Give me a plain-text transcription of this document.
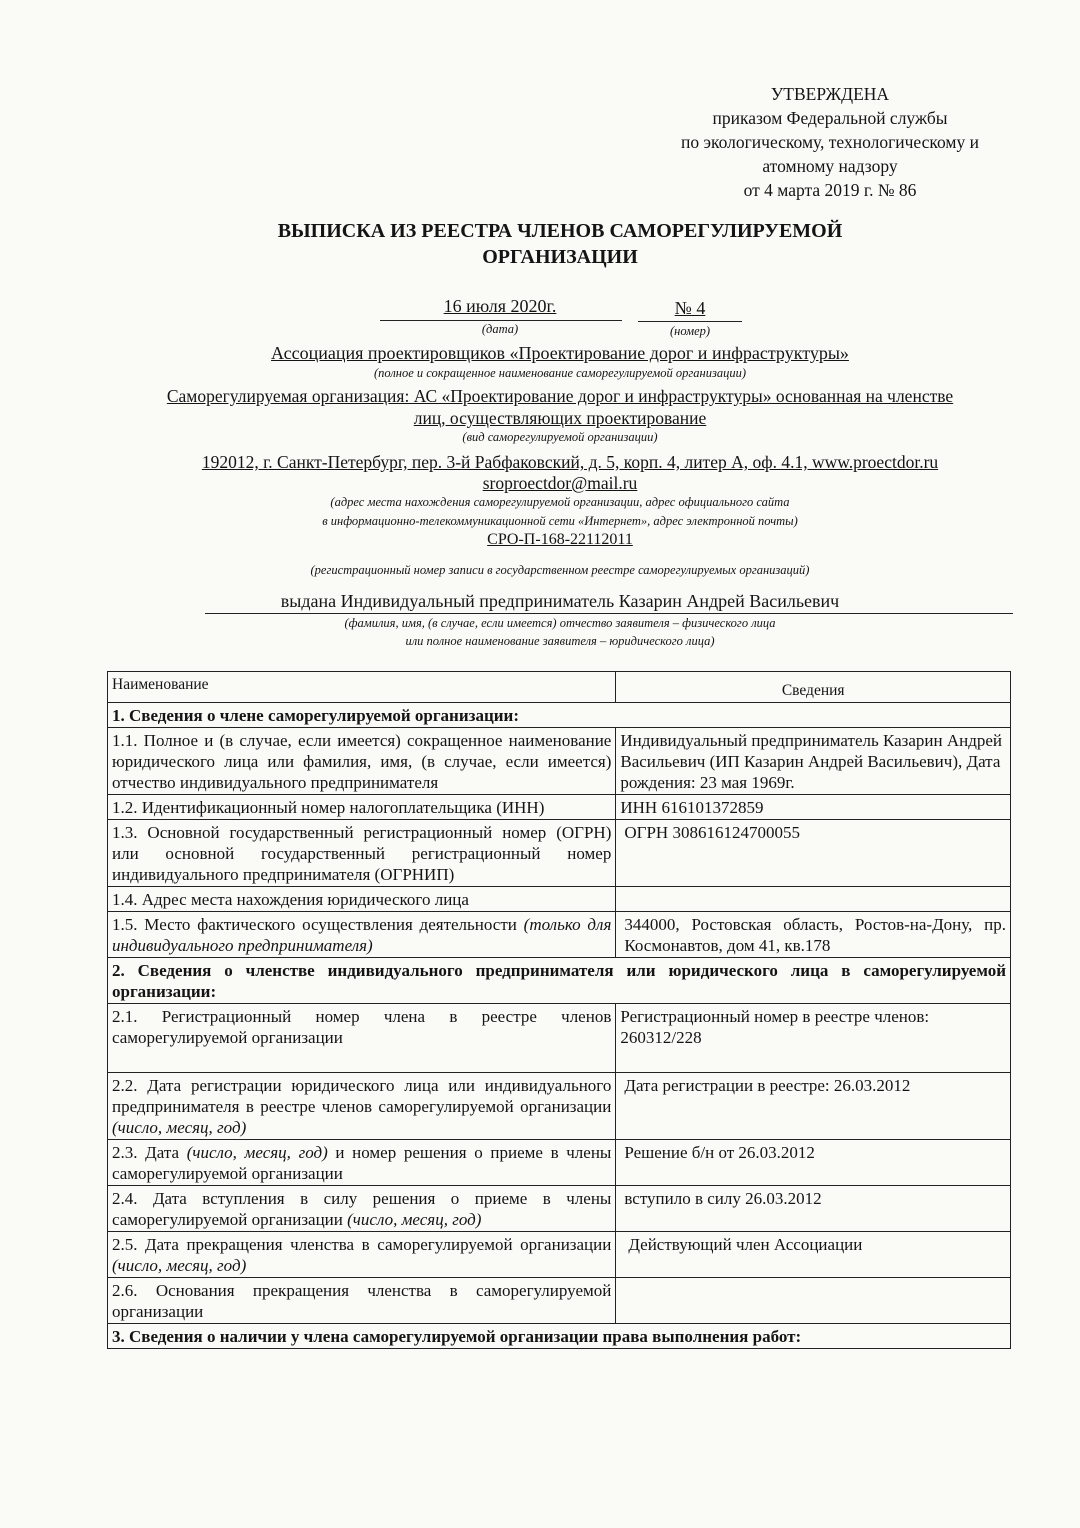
УТВЕРЖДЕНА
приказом Федеральной службы
по экологическому, технологическому и
атомному надзору
от 4 марта 2019 г. № 86
ВЫПИСКА ИЗ РЕЕСТРА ЧЛЕНОВ САМОРЕГУЛИРУЕМОЙ
ОРГАНИЗАЦИИ
16 июля 2020г.
(дата)
№ 4
(номер)
Ассоциация проектировщиков «Проектирование дорог и инфраструктуры»
(полное и сокращенное наименование саморегулируемой организации)
Саморегулируемая организация: АС «Проектирование дорог и инфраструктуры» основанная на членстве
лиц, осуществляющих проектирование
(вид саморегулируемой организации)
192012, г. Санкт-Петербург, пер. 3-й Рабфаковский, д. 5, корп. 4, литер А, оф. 4.1, www.proectdor.ru
sroproectdor@mail.ru
(адрес места нахождения саморегулируемой организации, адрес официального сайта
в информационно-телекоммуникационной сети «Интернет», адрес электронной почты)
СРО-П-168-22112011
(регистрационный номер записи в государственном реестре саморегулируемых организаций)
выдана Индивидуальный предприниматель Казарин Андрей Васильевич
(фамилия, имя, (в случае, если имеется) отчество заявителя – физического лица
или полное наименование заявителя – юридического лица)
Наименование	Сведения
1. Сведения о члене саморегулируемой организации:	
1.1. Полное и (в случае, если имеется) сокращенное наименование юридического лица или фамилия, имя, (в случае, если имеется) отчество индивидуального предпринимателя	Индивидуальный предприниматель Казарин Андрей Васильевич (ИП Казарин Андрей Васильевич), Дата рождения: 23 мая 1969г.
1.2. Идентификационный номер налогоплательщика (ИНН)	ИНН 616101372859
1.3. Основной государственный регистрационный номер (ОГРН) или основной государственный регистрационный номер индивидуального предпринимателя (ОГРНИП)	ОГРН 308616124700055
1.4. Адрес места нахождения юридического лица	
1.5. Место фактического осуществления деятельности (только для индивидуального предпринимателя)	344000, Ростовская область, Ростов-на-Дону, пр. Космонавтов, дом 41, кв.178
2. Сведения о членстве индивидуального предпринимателя или юридического лица в саморегулируемой организации:	
2.1. Регистрационный номер члена в реестре членов саморегулируемой организации	Регистрационный номер в реестре членов: 260312/228
2.2. Дата регистрации юридического лица или индивидуального предпринимателя в реестре членов саморегулируемой организации (число, месяц, год)	Дата регистрации в реестре: 26.03.2012
2.3. Дата (число, месяц, год) и номер решения о приеме в члены саморегулируемой организации	Решение б/н от 26.03.2012
2.4. Дата вступления в силу решения о приеме в члены саморегулируемой организации (число, месяц, год)	вступило в силу 26.03.2012
2.5. Дата прекращения членства в саморегулируемой организации (число, месяц, год)	Действующий член Ассоциации
2.6. Основания прекращения членства в саморегулируемой организации	
3. Сведения о наличии у члена саморегулируемой организации права выполнения работ:	
